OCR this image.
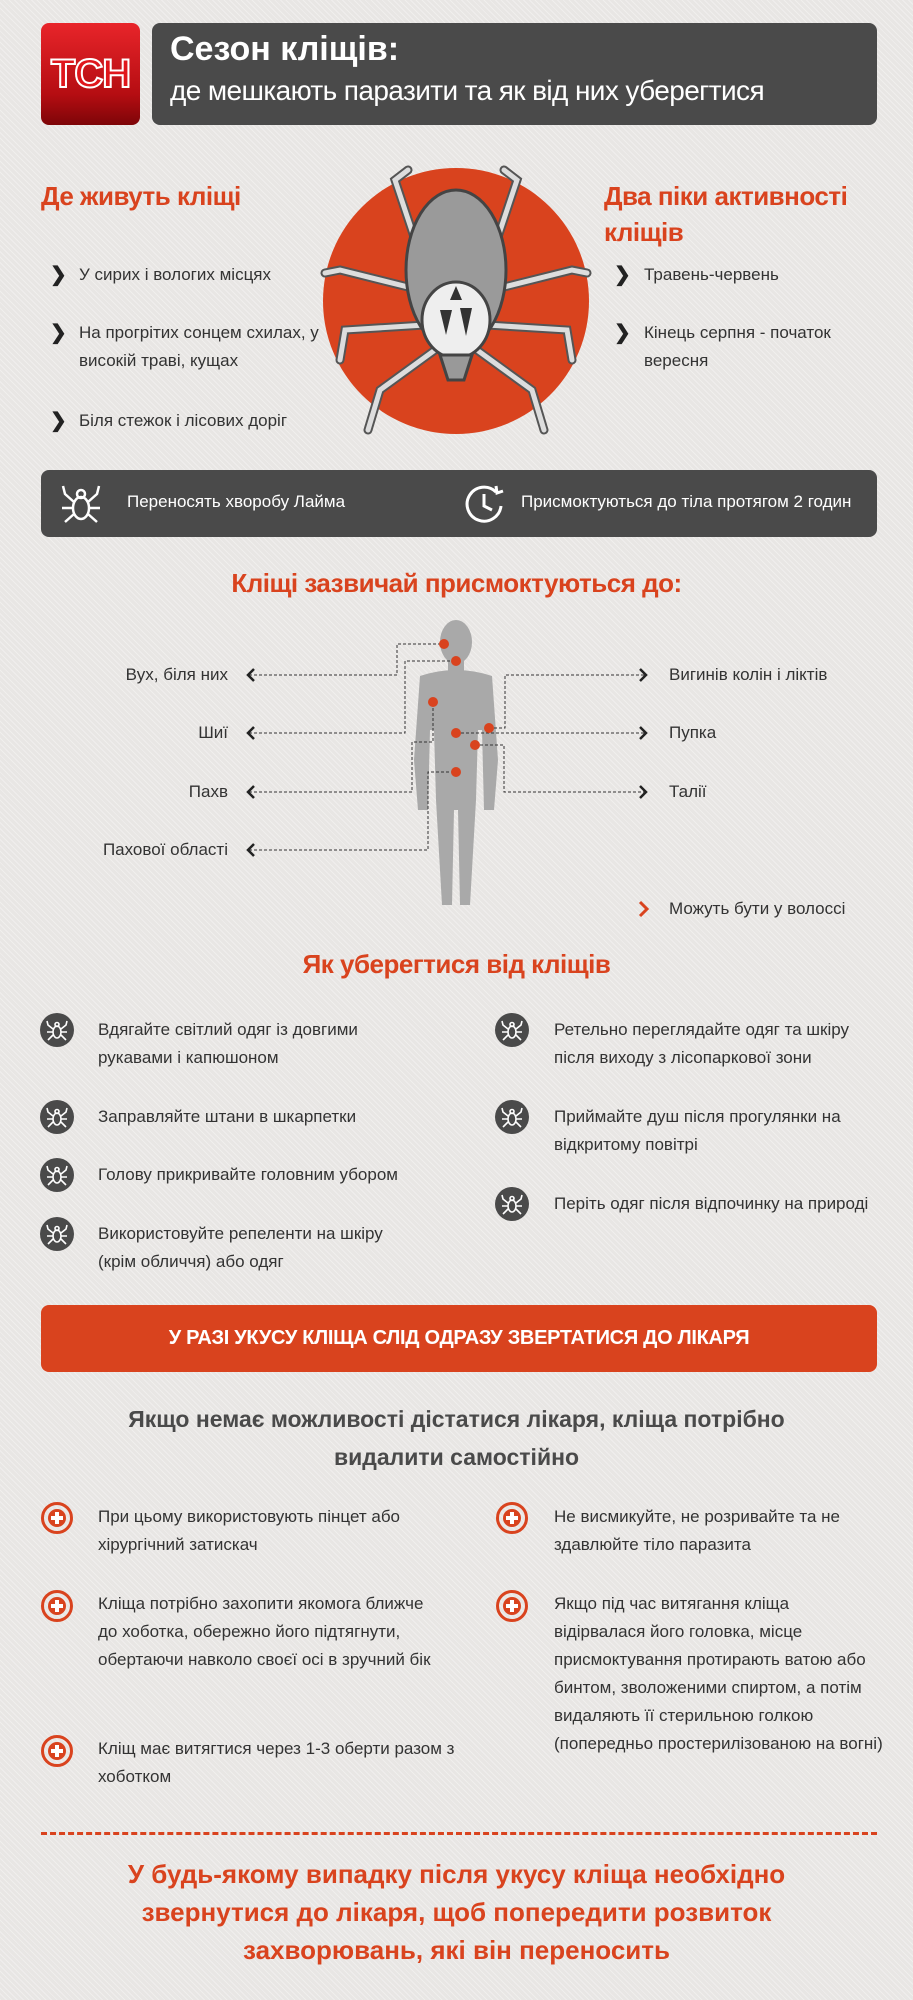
ТСН
Сезон кліщів:
де мешкають паразити та як від них уберегтися
Де живуть кліщі
❯ У сирих і вологих місцях
❯ На прогрітих сонцем схилах, у високій траві, кущах
❯ Біля стежок і лісових доріг
Два піки активності кліщів
❯ Травень-червень
❯ Кінець серпня - початок вересня
Переносять хворобу Лайма	Присмоктуються до тіла протягом 2 годин
Кліщі зазвичай присмоктуються до:
Вух, біля них
Шиї
Пахв
Пахової області
Вигинів колін і ліктів
Пупка
Талії
Можуть бути у волоссі
Як уберегтися від кліщів
Вдягайте світлий одяг із довгими рукавами і капюшоном
Заправляйте штани в шкарпетки
Голову прикривайте головним убором
Використовуйте репеленти на шкіру (крім обличчя) або одяг
Ретельно переглядайте одяг та шкіру після виходу з лісопаркової зони
Приймайте душ після прогулянки на відкритому повітрі
Періть одяг після відпочинку на природі
У РАЗІ УКУСУ КЛІЩА СЛІД ОДРАЗУ ЗВЕРТАТИСЯ ДО ЛІКАРЯ
Якщо немає можливості дістатися лікаря, кліща потрібно видалити самостійно
При цьому використовують пінцет або хірургічний затискач
Кліща потрібно захопити якомога ближче до хоботка, обережно його підтягнути, обертаючи навколо своєї осі в зручний бік
Кліщ має витягтися через 1-3 оберти разом з хоботком
Не висмикуйте, не розривайте та не здавлюйте тіло паразита
Якщо під час витягання кліща відірвалася його головка, місце присмоктування протирають ватою або бинтом, зволоженими спиртом, а потім видаляють її стерильною голкою (попередньо простерилізованою на вогні)
У будь-якому випадку після укусу кліща необхідно звернутися до лікаря, щоб попередити розвиток захворювань, які він переносить
